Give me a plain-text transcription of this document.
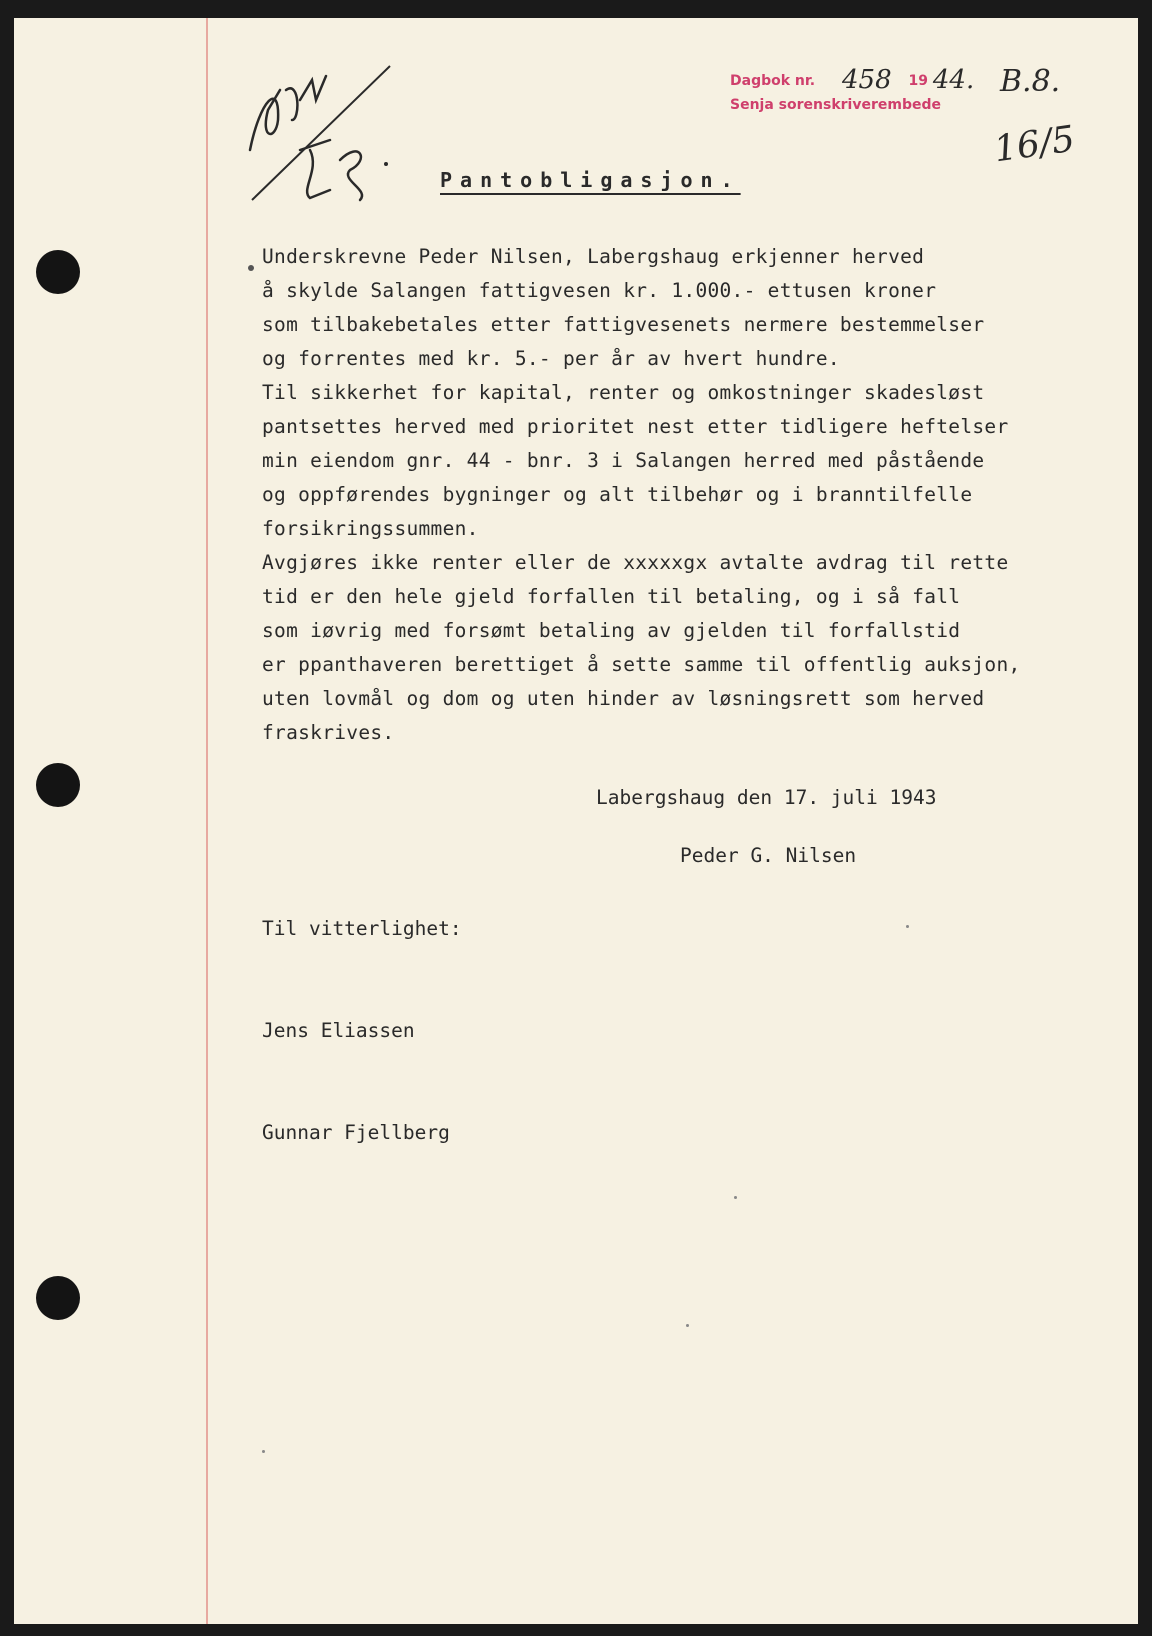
Dagbok nr. 458 19 44.
Senja sorenskriverembede
B.8.
16/5
Pantobligasjon.
Underskrevne Peder Nilsen, Labergshaug erkjenner herved
å skylde Salangen fattigvesen kr. 1.000.- ettusen kroner
som tilbakebetales etter fattigvesenets nermere bestemmelser
og forrentes med kr. 5.- per år av hvert hundre.
Til sikkerhet for kapital, renter og omkostninger skadesløst
pantsettes herved med prioritet nest etter tidligere heftelser
min eiendom gnr. 44 - bnr. 3 i Salangen herred med påstående
og oppførendes bygninger og alt tilbehør og i branntilfelle
forsikringssummen.
Avgjøres ikke renter eller de xxxxxgx avtalte avdrag til rette
tid er den hele gjeld forfallen til betaling, og i så fall
som iøvrig med forsømt betaling av gjelden til forfallstid
er ppanthaveren berettiget å sette samme til offentlig auksjon,
uten lovmål og dom og uten hinder av løsningsrett som herved
fraskrives.
Labergshaug den 17. juli 1943

Til vitterlighet:

Jens Eliassen

Gunnar Fjellberg

Peder G. Nilsen
